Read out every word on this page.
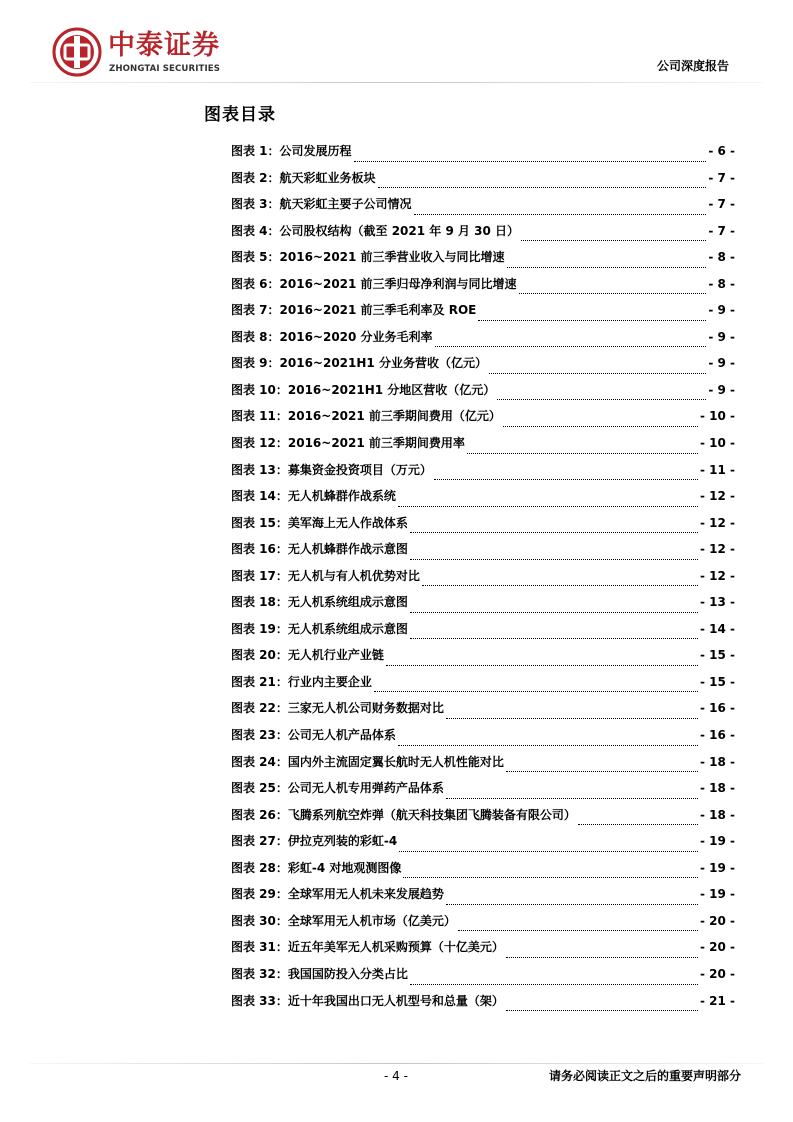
中泰证券
ZHONGTAI SECURITIES	公司深度报告
图表目录
图表 1：公司发展历程	- 6 -
图表 2：航天彩虹业务板块	- 7 -
图表 3：航天彩虹主要子公司情况	- 7 -
图表 4：公司股权结构（截至 2021 年 9 月 30 日）	- 7 -
图表 5：2016~2021 前三季营业收入与同比增速	- 8 -
图表 6：2016~2021 前三季归母净利润与同比增速	- 8 -
图表 7：2016~2021 前三季毛利率及 ROE	- 9 -
图表 8：2016~2020 分业务毛利率	- 9 -
图表 9：2016~2021H1 分业务营收（亿元）	- 9 -
图表 10：2016~2021H1 分地区营收（亿元）	- 9 -
图表 11：2016~2021 前三季期间费用（亿元）	- 10 -
图表 12：2016~2021 前三季期间费用率	- 10 -
图表 13：募集资金投资项目（万元）	- 11 -
图表 14：无人机蜂群作战系统	- 12 -
图表 15：美军海上无人作战体系	- 12 -
图表 16：无人机蜂群作战示意图	- 12 -
图表 17：无人机与有人机优势对比	- 12 -
图表 18：无人机系统组成示意图	- 13 -
图表 19：无人机系统组成示意图	- 14 -
图表 20：无人机行业产业链	- 15 -
图表 21：行业内主要企业	- 15 -
图表 22：三家无人机公司财务数据对比	- 16 -
图表 23：公司无人机产品体系	- 16 -
图表 24：国内外主流固定翼长航时无人机性能对比	- 18 -
图表 25：公司无人机专用弹药产品体系	- 18 -
图表 26：飞腾系列航空炸弹（航天科技集团飞腾装备有限公司）	- 18 -
图表 27：伊拉克列装的彩虹-4	- 19 -
图表 28：彩虹-4 对地观测图像	- 19 -
图表 29：全球军用无人机未来发展趋势	- 19 -
图表 30：全球军用无人机市场（亿美元）	- 20 -
图表 31：近五年美军无人机采购预算（十亿美元）	- 20 -
图表 32：我国国防投入分类占比	- 20 -
图表 33：近十年我国出口无人机型号和总量（架）	- 21 -
- 4 -	请务必阅读正文之后的重要声明部分
